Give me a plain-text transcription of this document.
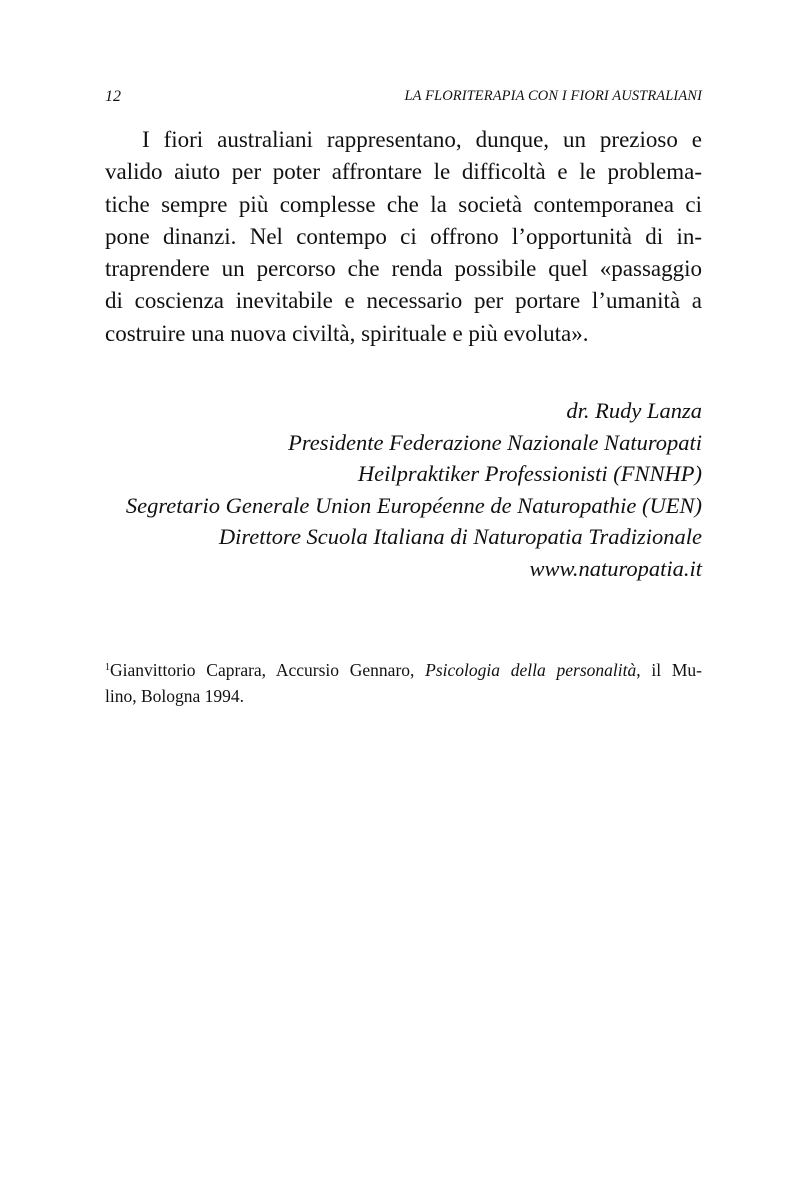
12	LA FLORITERAPIA CON I FIORI AUSTRALIANI
I fiori australiani rappresentano, dunque, un prezioso e
valido aiuto per poter affrontare le difficoltà e le problema-
tiche sempre più complesse che la società contemporanea ci
pone dinanzi. Nel contempo ci offrono l’opportunità di in-
traprendere un percorso che renda possibile quel «passaggio
di coscienza inevitabile e necessario per portare l’umanità a
costruire una nuova civiltà, spirituale e più evoluta».
dr. Rudy Lanza
Presidente Federazione Nazionale Naturopati
Heilpraktiker Professionisti (FNNHP)
Segretario Generale Union Européenne de Naturopathie (UEN)
Direttore Scuola Italiana di Naturopatia Tradizionale
www.naturopatia.it
$^1$Gianvittorio Caprara, Accursio Gennaro, Psicologia della personalità, il Mu-
lino, Bologna 1994.
